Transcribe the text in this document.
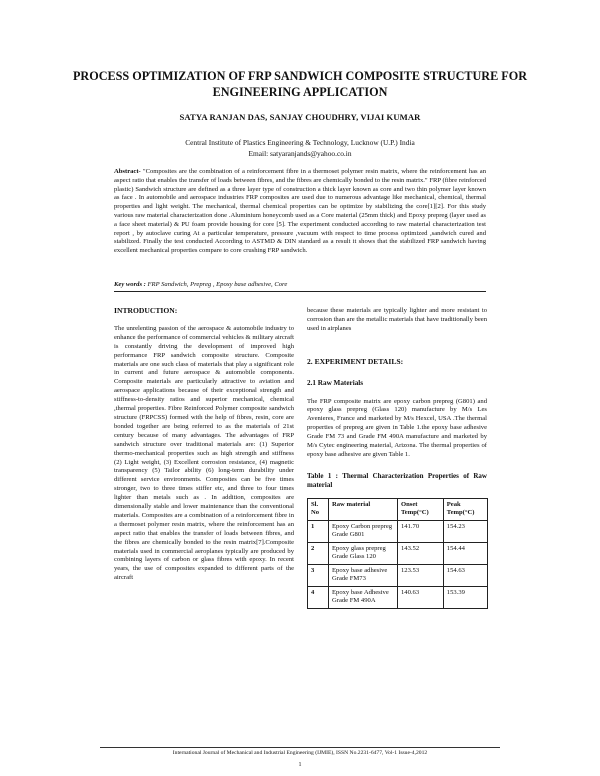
PROCESS OPTIMIZATION OF FRP SANDWICH COMPOSITE STRUCTURE FOR ENGINEERING APPLICATION
SATYA RANJAN DAS, SANJAY CHOUDHRY, VIJAI KUMAR
Central Institute of Plastics Engineering & Technology, Lucknow (U.P.) India
Email: satyaranjands@yahoo.co.in
Abstract- "Composites are the combination of a reinforcement fibre in a thermoset polymer resin matrix, where the reinforcement has an aspect ratio that enables the transfer of loads between fibres, and the fibres are chemically bonded to the resin matrix." FRP (fibre reinforced plastic) Sandwich structure are defined as a three layer type of construction a thick layer known as core and two thin polymer layer known as face . In automobile and aerospace industries FRP composites are used due to numerous advantage like mechanical, chemical, thermal properties and light weight. The mechanical, thermal chemical properties can be optimize by stabilizing the core[1][2]. For this study various raw material characterization done .Aluminium honeycomb used as a Core material (25mm thick) and Epoxy prepreg (layer used as a face sheet material) & PU foam provide housing for core [5]. The experiment conducted according to raw material characterization test report , by autoclave curing At a particular temperature, pressure ,vacuum with respect to time process optimized ,sandwich cured and stabilized. Finally the test conducted According to ASTMD & DIN standard as a result it shows that the stabilized FRP sandwich having excellent mechanical properties compare to core crushing FRP sandwich.
Key words : FRP Sandwich, Prepreg , Epoxy base adhesive, Core
INTRODUCTION:

The unrelenting passion of the aerospace & automobile industry to enhance the performance of commercial vehicles & military aircraft is constantly driving the development of improved high performance FRP sandwich composite structure. Composite materials are one such class of materials that play a significant role in current and future aerospace & automobile components. Composite materials are particularly attractive to aviation and aerospace applications because of their exceptional strength and stiffness-to-density ratios and superior mechanical, chemical ,thermal properties. Fibre Reinforced Polymer composite sandwich structure (FRPCSS) formed with the help of fibres, resin, core are bonded together are being referred to as the materials of 21st century because of many advantages. The advantages of FRP sandwich structure over traditional materials are: (1) Superior thermo-mechanical properties such as high strength and stiffness (2) Light weight, (3) Excellent corrosion resistance, (4) magnetic transparency (5) Tailor ability (6) long-term durability under different service environments. Composites can be five times stronger, two to three times stiffer etc, and three to four times lighter than metals such as . In addition, composites are dimensionally stable and lower maintenance than the conventional materials. Composites are a combination of a reinforcement fibre in a thermoset polymer resin matrix, where the reinforcement has an aspect ratio that enables the transfer of loads between fibres, and the fibres are chemically bonded to the resin matrix[7].Composite materials used in commercial aeroplanes typically are produced by combining layers of carbon or glass fibres with epoxy. In recent years, the use of composites expanded to different parts of the aircraft

because these materials are typically lighter and more resistant to corrosion than are the metallic materials that have traditionally been used in airplanes

2. EXPERIMENT DETAILS:
2.1 Raw Materials

The FRP composite matrix are epoxy carbon prepreg (G801) and epoxy glass prepreg (Glass 120) manufacture by M/s Les Avenieres, France and marketed by M/s Hexcel, USA .The thermal properties of prepreg are given in Table 1.the epoxy base adhesive Grade FM 73 and Grade FM 490A manufacture and marketed by M/s Cytec engineering material, Arizona. The thermal properties of epoxy base adhesive are given Table 1.

Table 1 : Thermal Characterization Properties of Raw material
Sl. No	Raw material	Onset Temp(°C)	Peak Temp(°C)
1	Epoxy Carbon prepreg Grade G801	141.70	154.23
2	Epoxy glass prepreg Grade Glass 120	143.52	154.44
3	Epoxy base adhesive Grade FM73	123.53	154.63
4	Epoxy base Adhesive Grade FM 490A	140.63	153.39
International Journal of Mechanical and Industrial Engineering (IJMIE), ISSN No.2231-6477, Vol-1 Issue-4,2012
1
